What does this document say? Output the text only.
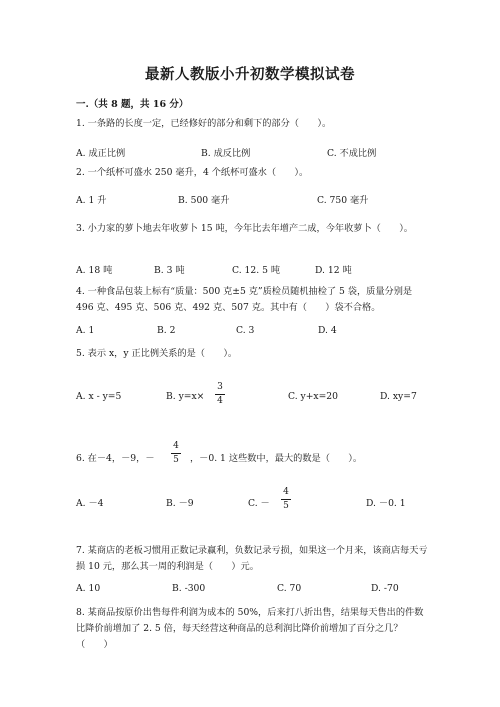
最新人教版小升初数学模拟试卷
一.（共 8 题，共 16 分）
1. 一条路的长度一定，已经修好的部分和剩下的部分（　　）。
A. 成正比例	B. 成反比例	C. 不成比例
2. 一个纸杯可盛水 250 毫升，4 个纸杯可盛水（　　）。
A. 1 升	B. 500 毫升	C. 750 毫升
3. 小力家的萝卜地去年收萝卜 15 吨，今年比去年增产二成，今年收萝卜（　　）。
A. 18 吨	B. 3 吨	C. 12. 5 吨	D. 12 吨
4. 一种食品包装上标有“质量：500 克±5 克”质检员随机抽检了 5 袋，质量分别是 496 克、495 克、506 克、492 克、507 克。其中有（　　）袋不合格。
A. 1	B. 2	C. 3	D. 4
5. 表示 x，y 正比例关系的是（　　）。
A. x - y=5	B. y=x×
3
4	C. y+x=20	D. xy=7
6. 在－4，－9，－
4
5 ，－0. 1 这些数中，最大的数是（　　）。
A. －4	B. －9	C. －
4
5	D. －0. 1
7. 某商店的老板习惯用正数记录赢利，负数记录亏损，如果这一个月来，该商店每天亏损 10 元，那么其一周的利润是（　　）元。
A. 10	B. -300	C. 70	D. -70
8. 某商品按原价出售每件利润为成本的 50%，后来打八折出售，结果每天售出的件数比降价前增加了 2. 5 倍，每天经营这种商品的总利润比降价前增加了百分之几？（　　）
